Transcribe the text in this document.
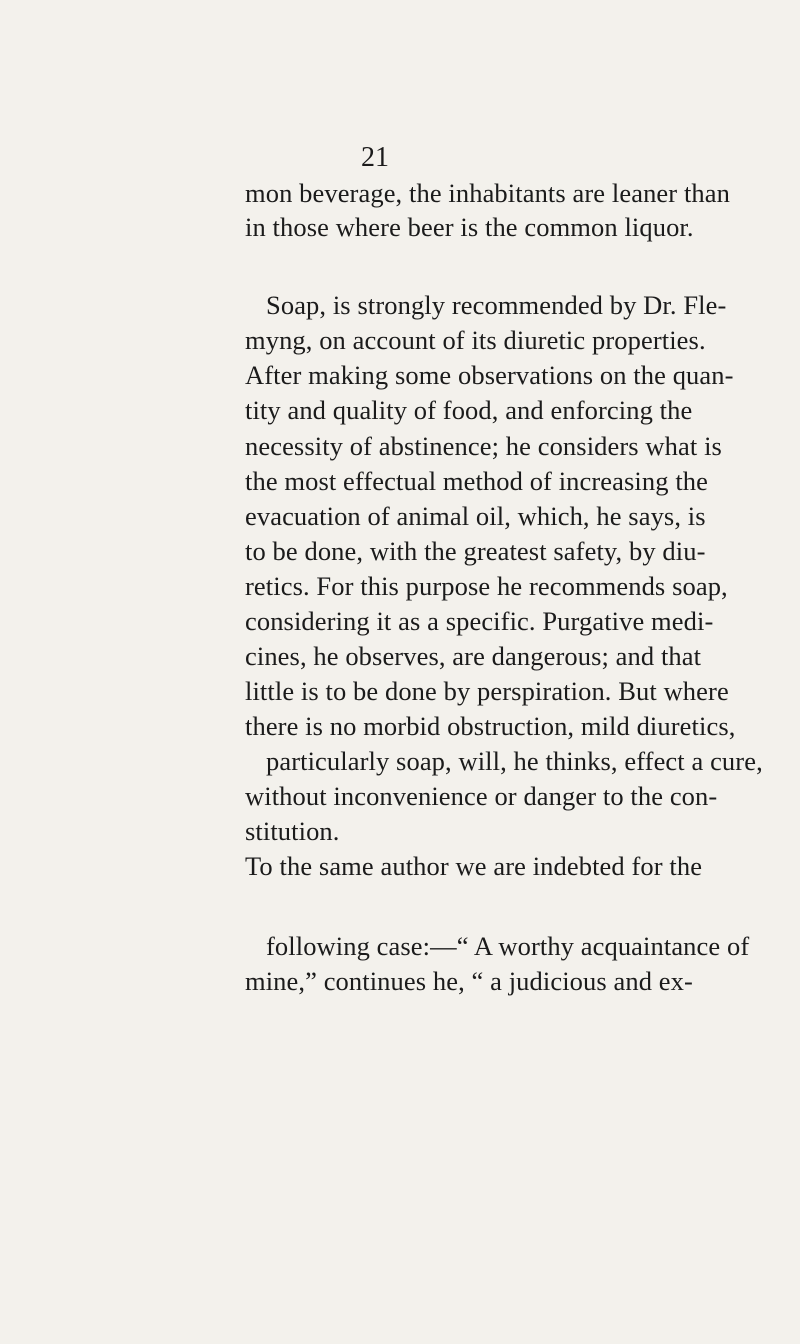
21
mon beverage, the inhabitants are leaner than
in those where beer is the common liquor.
Soap, is strongly recommended by Dr. Fle-
myng, on account of its diuretic properties.
After making some observations on the quan-
tity and quality of food, and enforcing the
necessity of abstinence; he considers what is
the most effectual method of increasing the
evacuation of animal oil, which, he says, is
to be done, with the greatest safety, by diu-
retics. For this purpose he recommends soap,
considering it as a specific. Purgative medi-
cines, he observes, are dangerous; and that
little is to be done by perspiration. But where
there is no morbid obstruction, mild diuretics,
particularly soap, will, he thinks, effect a cure,
without inconvenience or danger to the con-
stitution.
To the same author we are indebted for the
following case:—“ A worthy acquaintance of
mine,” continues he, “ a judicious and ex-
